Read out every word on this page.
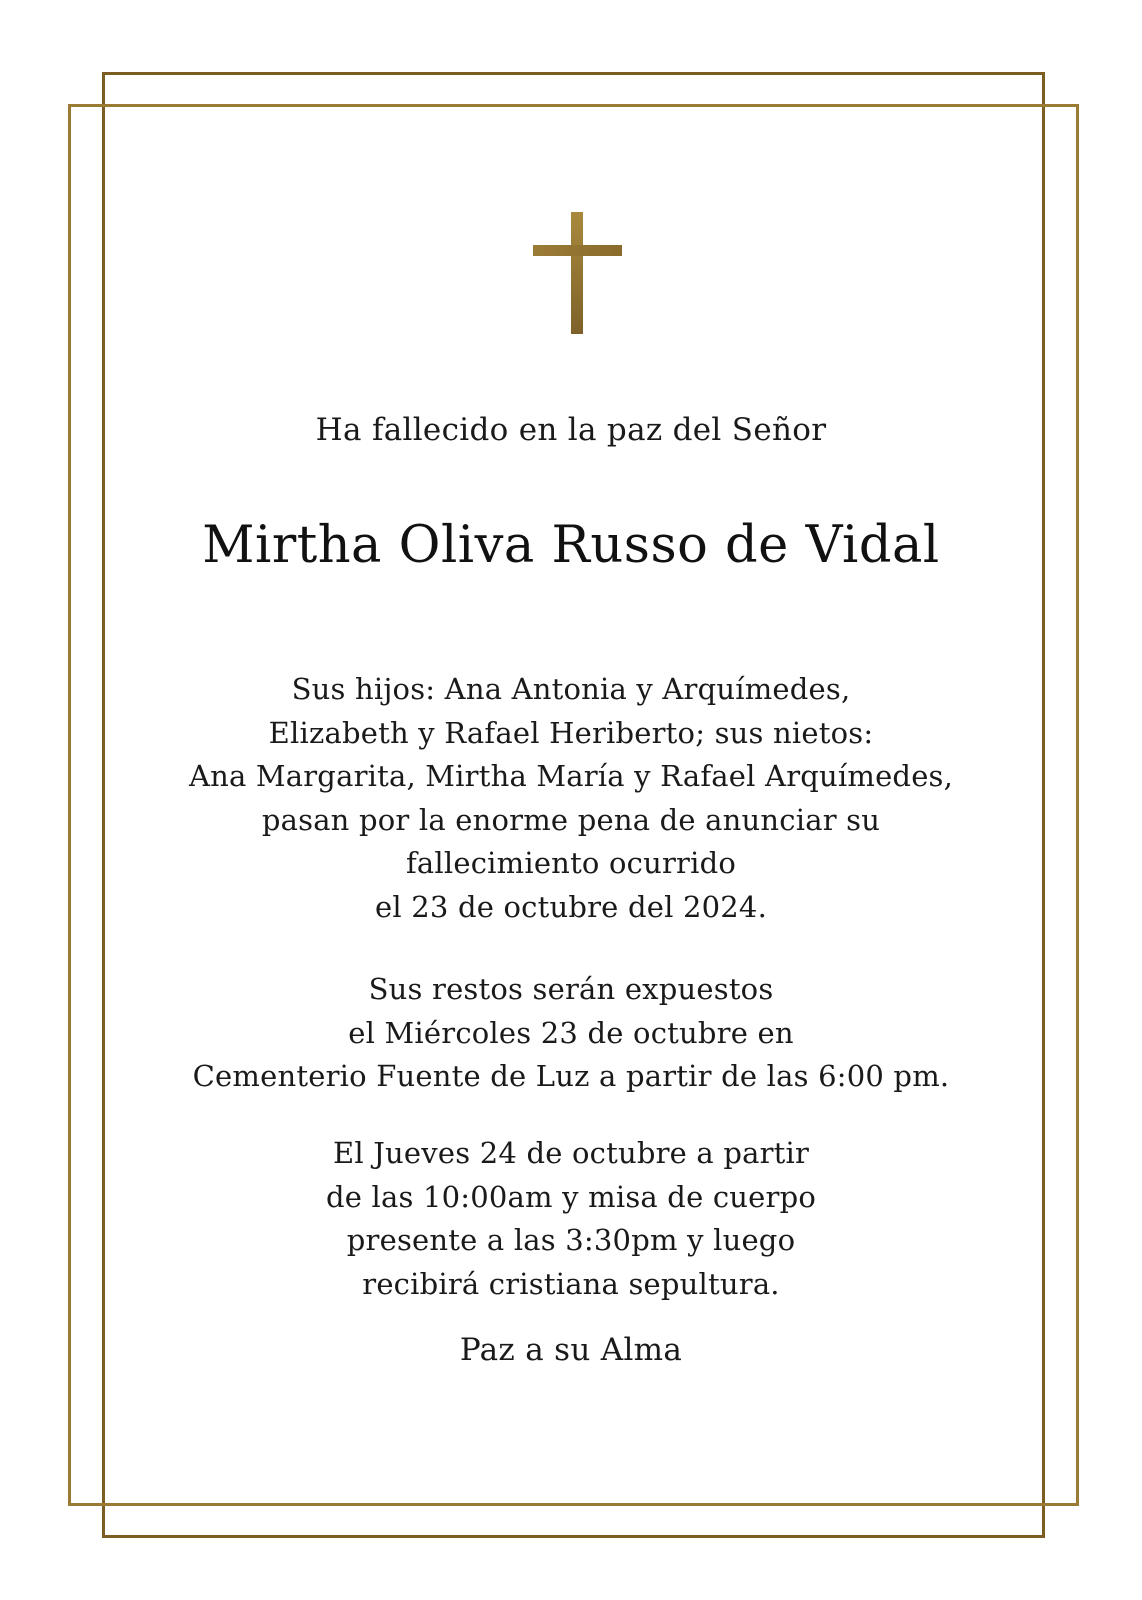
Ha fallecido en la paz del Señor
Mirtha Oliva Russo de Vidal
Sus hijos: Ana Antonia y Arquímedes,
Elizabeth y Rafael Heriberto; sus nietos:
Ana Margarita, Mirtha María y Rafael Arquímedes,
pasan por la enorme pena de anunciar su
fallecimiento ocurrido
el 23 de octubre del 2024.
Sus restos serán expuestos
el Miércoles 23 de octubre en
Cementerio Fuente de Luz a partir de las 6:00 pm.
El Jueves 24 de octubre a partir
de las 10:00am y misa de cuerpo
presente a las 3:30pm y luego
recibirá cristiana sepultura.
Paz a su Alma
